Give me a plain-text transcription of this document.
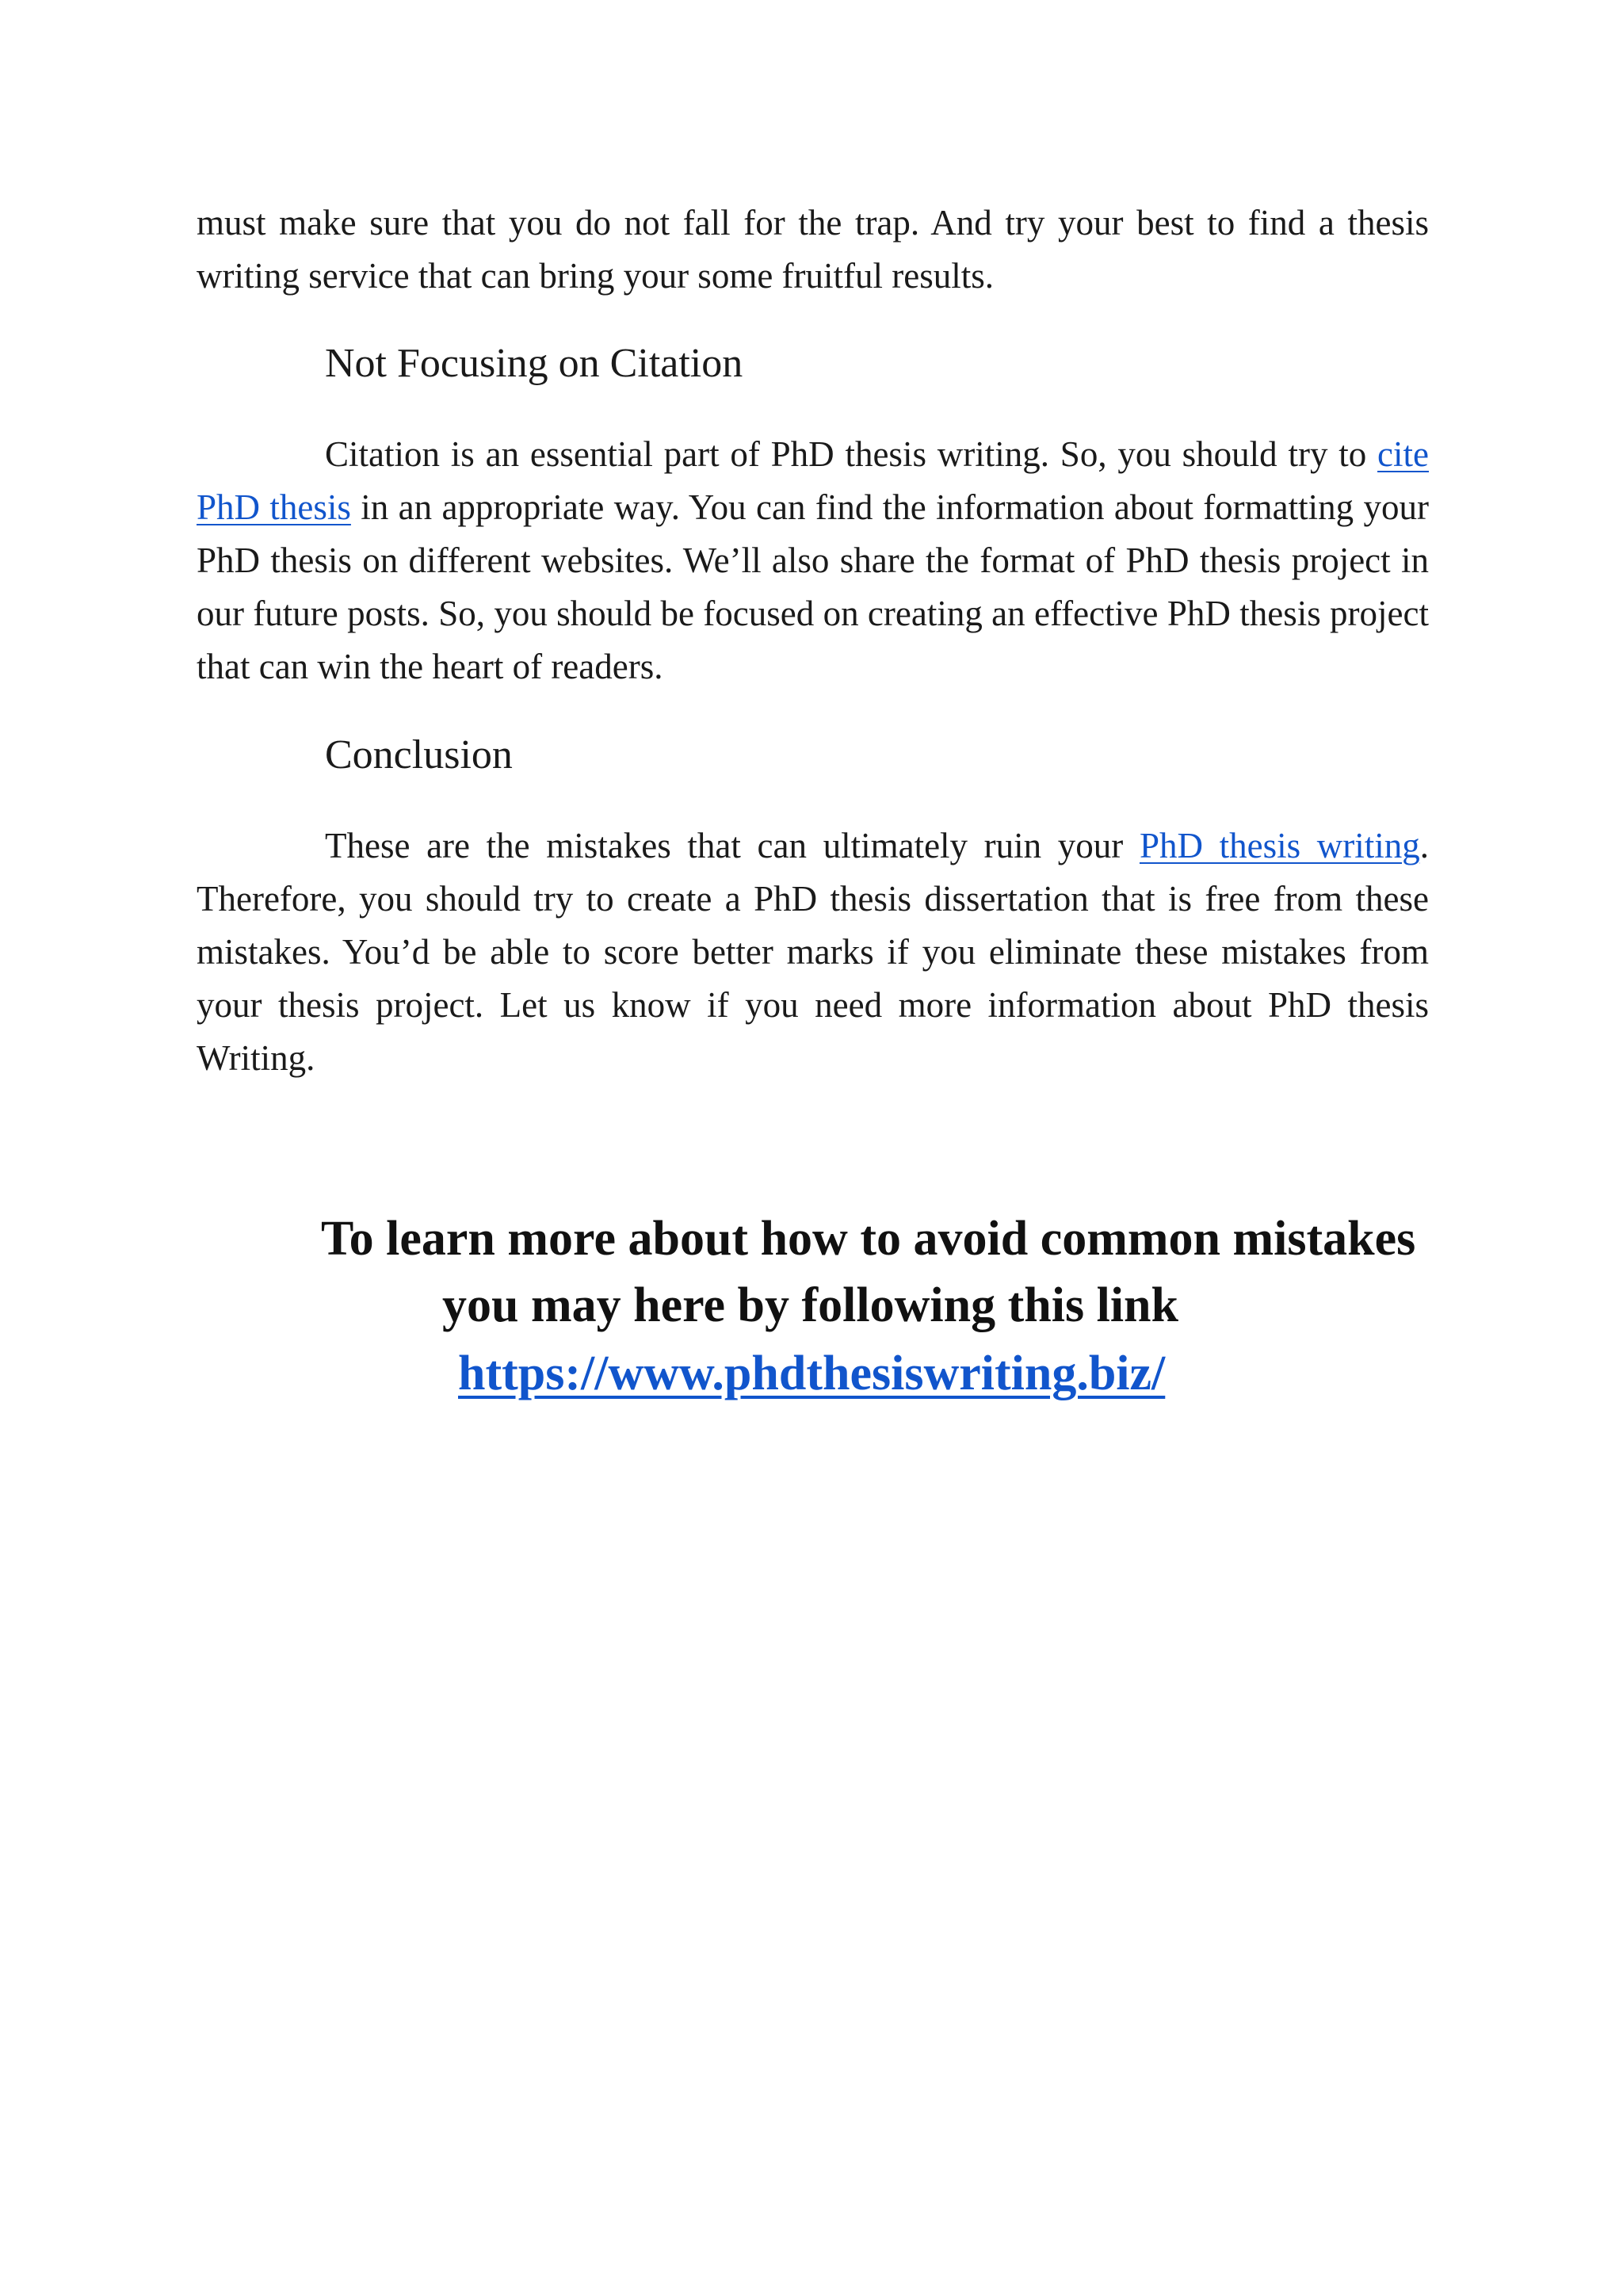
must make sure that you do not fall for the trap. And try your best to find a thesis writing service that can bring your some fruitful results.

Not Focusing on Citation

Citation is an essential part of PhD thesis writing. So, you should try to cite PhD thesis in an appropriate way. You can find the information about formatting your PhD thesis on different websites. We’ll also share the format of PhD thesis project in our future posts. So, you should be focused on creating an effective PhD thesis project that can win the heart of readers.

Conclusion

These are the mistakes that can ultimately ruin your PhD thesis writing. Therefore, you should try to create a PhD thesis dissertation that is free from these mistakes. You’d be able to score better marks if you eliminate these mistakes from your thesis project. Let us know if you need more information about PhD thesis Writing.

To learn more about how to avoid common mistakes

you may here by following this link

https://www.phdthesiswriting.biz/
